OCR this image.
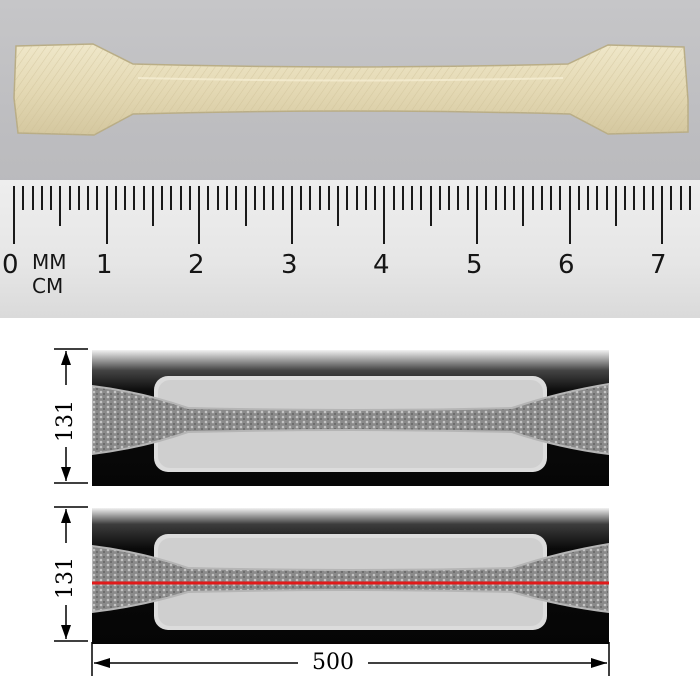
0	1	2	3	4	5	6	7
MM
CM
131
131
500
